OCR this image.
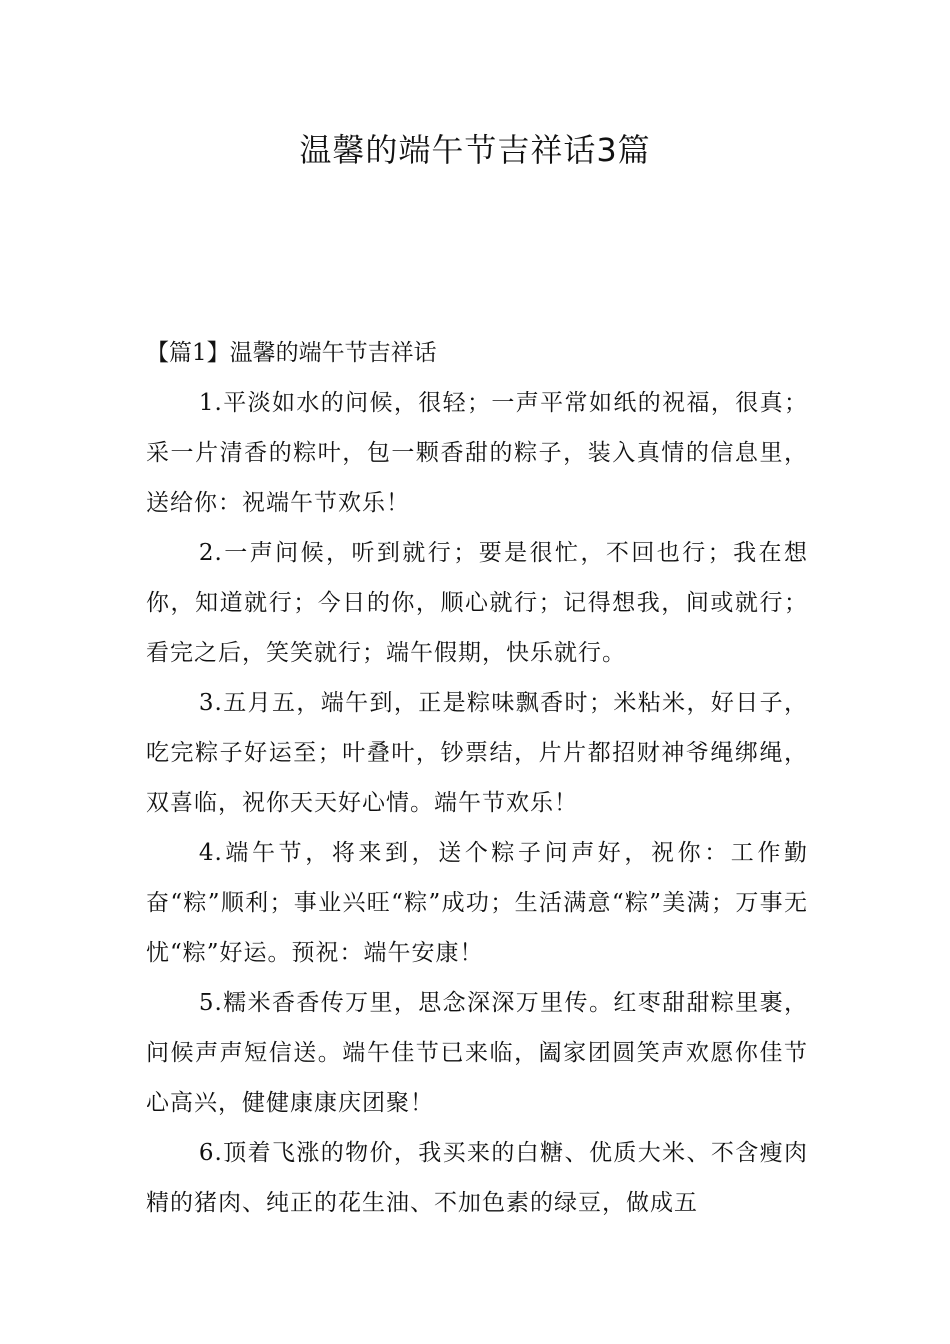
温馨的端午节吉祥话3篇

【篇1】温馨的端午节吉祥话

1.平淡如水的问候，很轻；一声平常如纸的祝福，很真；采一片清香的粽叶，包一颗香甜的粽子，装入真情的信息里，送给你：祝端午节欢乐！

2.一声问候，听到就行；要是很忙，不回也行；我在想你，知道就行；今日的你，顺心就行；记得想我，间或就行；看完之后，笑笑就行；端午假期，快乐就行。

3.五月五，端午到，正是粽味飘香时；米粘米，好日子，吃完粽子好运至；叶叠叶，钞票结，片片都招财神爷绳绑绳，双喜临，祝你天天好心情。端午节欢乐！

4.端午节，将来到，送个粽子问声好，祝你：工作勤奋“粽”顺利；事业兴旺“粽”成功；生活满意“粽”美满；万事无忧“粽”好运。预祝：端午安康！

5.糯米香香传万里，思念深深万里传。红枣甜甜粽里裹，问候声声短信送。端午佳节已来临，阖家团圆笑声欢愿你佳节心高兴，健健康康庆团聚！

6.顶着飞涨的物价，我买来的白糖、优质大米、不含瘦肉精的猪肉、纯正的花生油、不加色素的绿豆，做成五
